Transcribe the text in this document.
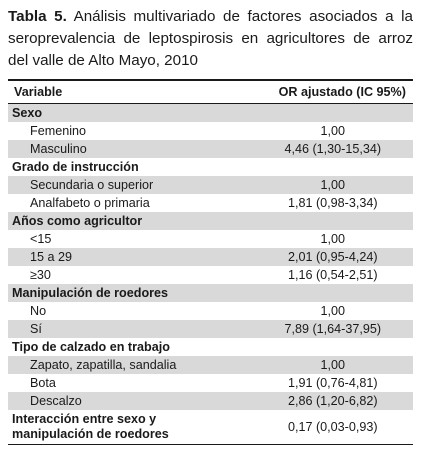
Tabla 5. Análisis multivariado de factores asociados a la seroprevalencia de leptospirosis en agricultores de arroz del valle de Alto Mayo, 2010
Variable	OR ajustado (IC 95%)
Sexo	
Femenino	1,00
Masculino	4,46 (1,30-15,34)
Grado de instrucción	
Secundaria o superior	1,00
Analfabeto o primaria	1,81 (0,98-3,34)
Años como agricultor	
<15	1,00
15 a 29	2,01 (0,95-4,24)
≥30	1,16 (0,54-2,51)
Manipulación de roedores	
No	1,00
Sí	7,89 (1,64-37,95)
Tipo de calzado en trabajo	
Zapato, zapatilla, sandalia	1,00
Bota	1,91 (0,76-4,81)
Descalzo	2,86 (1,20-6,82)
Interacción entre sexo y
manipulación de roedores	0,17 (0,03-0,93)
